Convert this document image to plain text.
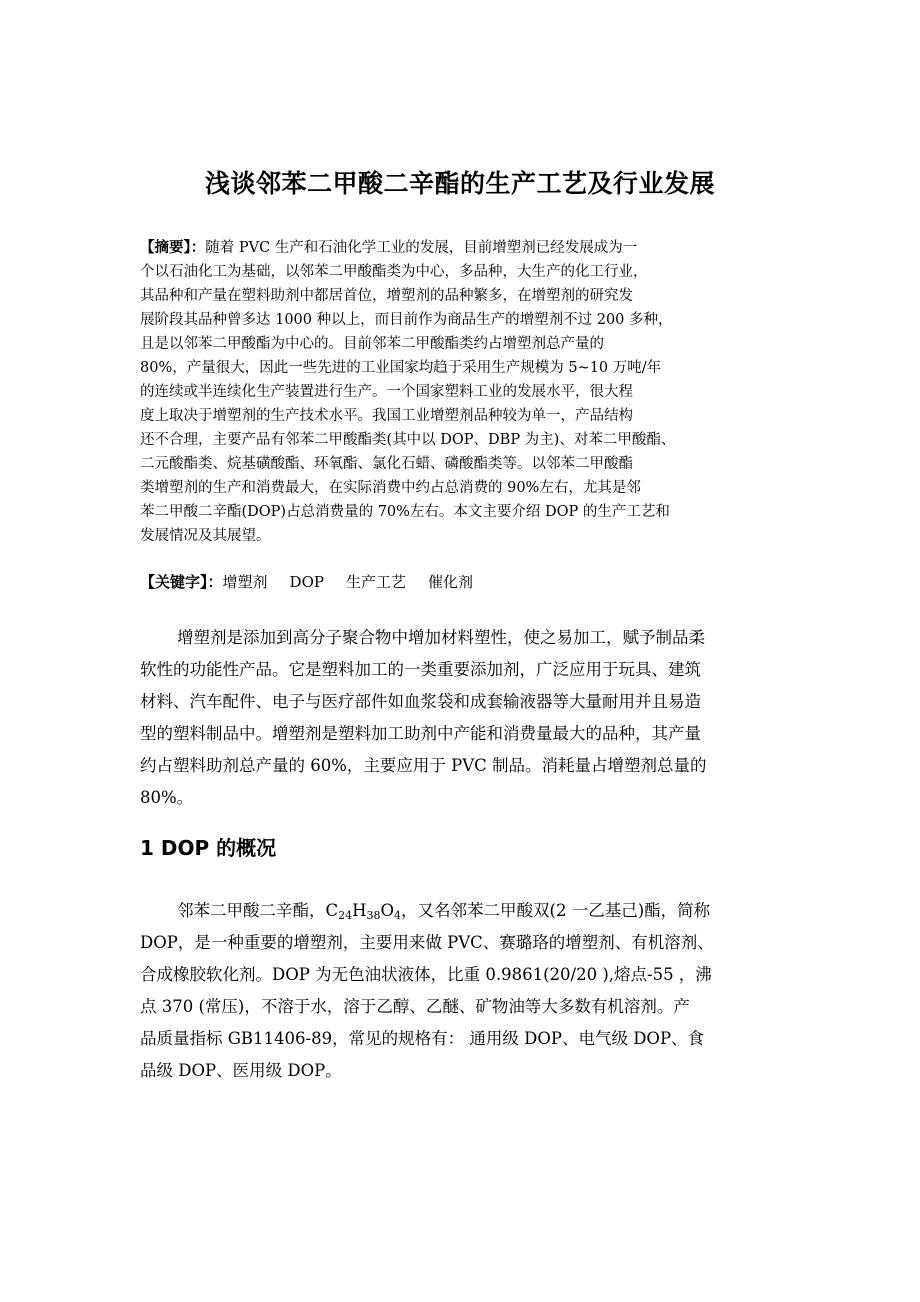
浅谈邻苯二甲酸二辛酯的生产工艺及行业发展
【摘要】：随着 PVC 生产和石油化学工业的发展，目前增塑剂已经发展成为一
个以石油化工为基础，以邻苯二甲酸酯类为中心，多品种，大生产的化工行业，
其品种和产量在塑料助剂中都居首位，增塑剂的品种繁多，在增塑剂的研究发
展阶段其品种曾多达 1000 种以上，而目前作为商品生产的增塑剂不过 200 多种，
且是以邻苯二甲酸酯为中心的。目前邻苯二甲酸酯类约占增塑剂总产量的
80%，产量很大，因此一些先进的工业国家均趋于采用生产规模为 5~10 万吨/年
的连续或半连续化生产装置进行生产。一个国家塑料工业的发展水平，很大程
度上取决于增塑剂的生产技术水平。我国工业增塑剂品种较为单一，产品结构
还不合理，主要产品有邻苯二甲酸酯类(其中以 DOP、DBP 为主)、对苯二甲酸酯、
二元酸酯类、烷基磺酸酯、环氧酯、氯化石蜡、磷酸酯类等。以邻苯二甲酸酯
类增塑剂的生产和消费最大，在实际消费中约占总消费的 90%左右，尤其是邻
苯二甲酸二辛酯(DOP)占总消费量的 70%左右。本文主要介绍 DOP 的生产工艺和
发展情况及其展望。
【关键字】：增塑剂 DOP 生产工艺 催化剂
增塑剂是添加到高分子聚合物中增加材料塑性，使之易加工，赋予制品柔
软性的功能性产品。它是塑料加工的一类重要添加剂，广泛应用于玩具、建筑
材料、汽车配件、电子与医疗部件如血浆袋和成套输液器等大量耐用并且易造
型的塑料制品中。增塑剂是塑料加工助剂中产能和消费量最大的品种，其产量
约占塑料助剂总产量的 60%，主要应用于 PVC 制品。消耗量占增塑剂总量的
80%。
1 DOP 的概况
邻苯二甲酸二辛酯，$C_{24}H_{38}O_4$，又名邻苯二甲酸双(2 一乙基己)酯，简称
DOP，是一种重要的增塑剂，主要用来做 PVC、赛璐珞的增塑剂、有机溶剂、
合成橡胶软化剂。DOP 为无色油状液体，比重 0.9861(20/20 ),熔点-55 ，沸
点 370 (常压)，不溶于水，溶于乙醇、乙醚、矿物油等大多数有机溶剂。产
品质量指标 GB11406-89，常见的规格有： 通用级 DOP、电气级 DOP、食
品级 DOP、医用级 DOP。
